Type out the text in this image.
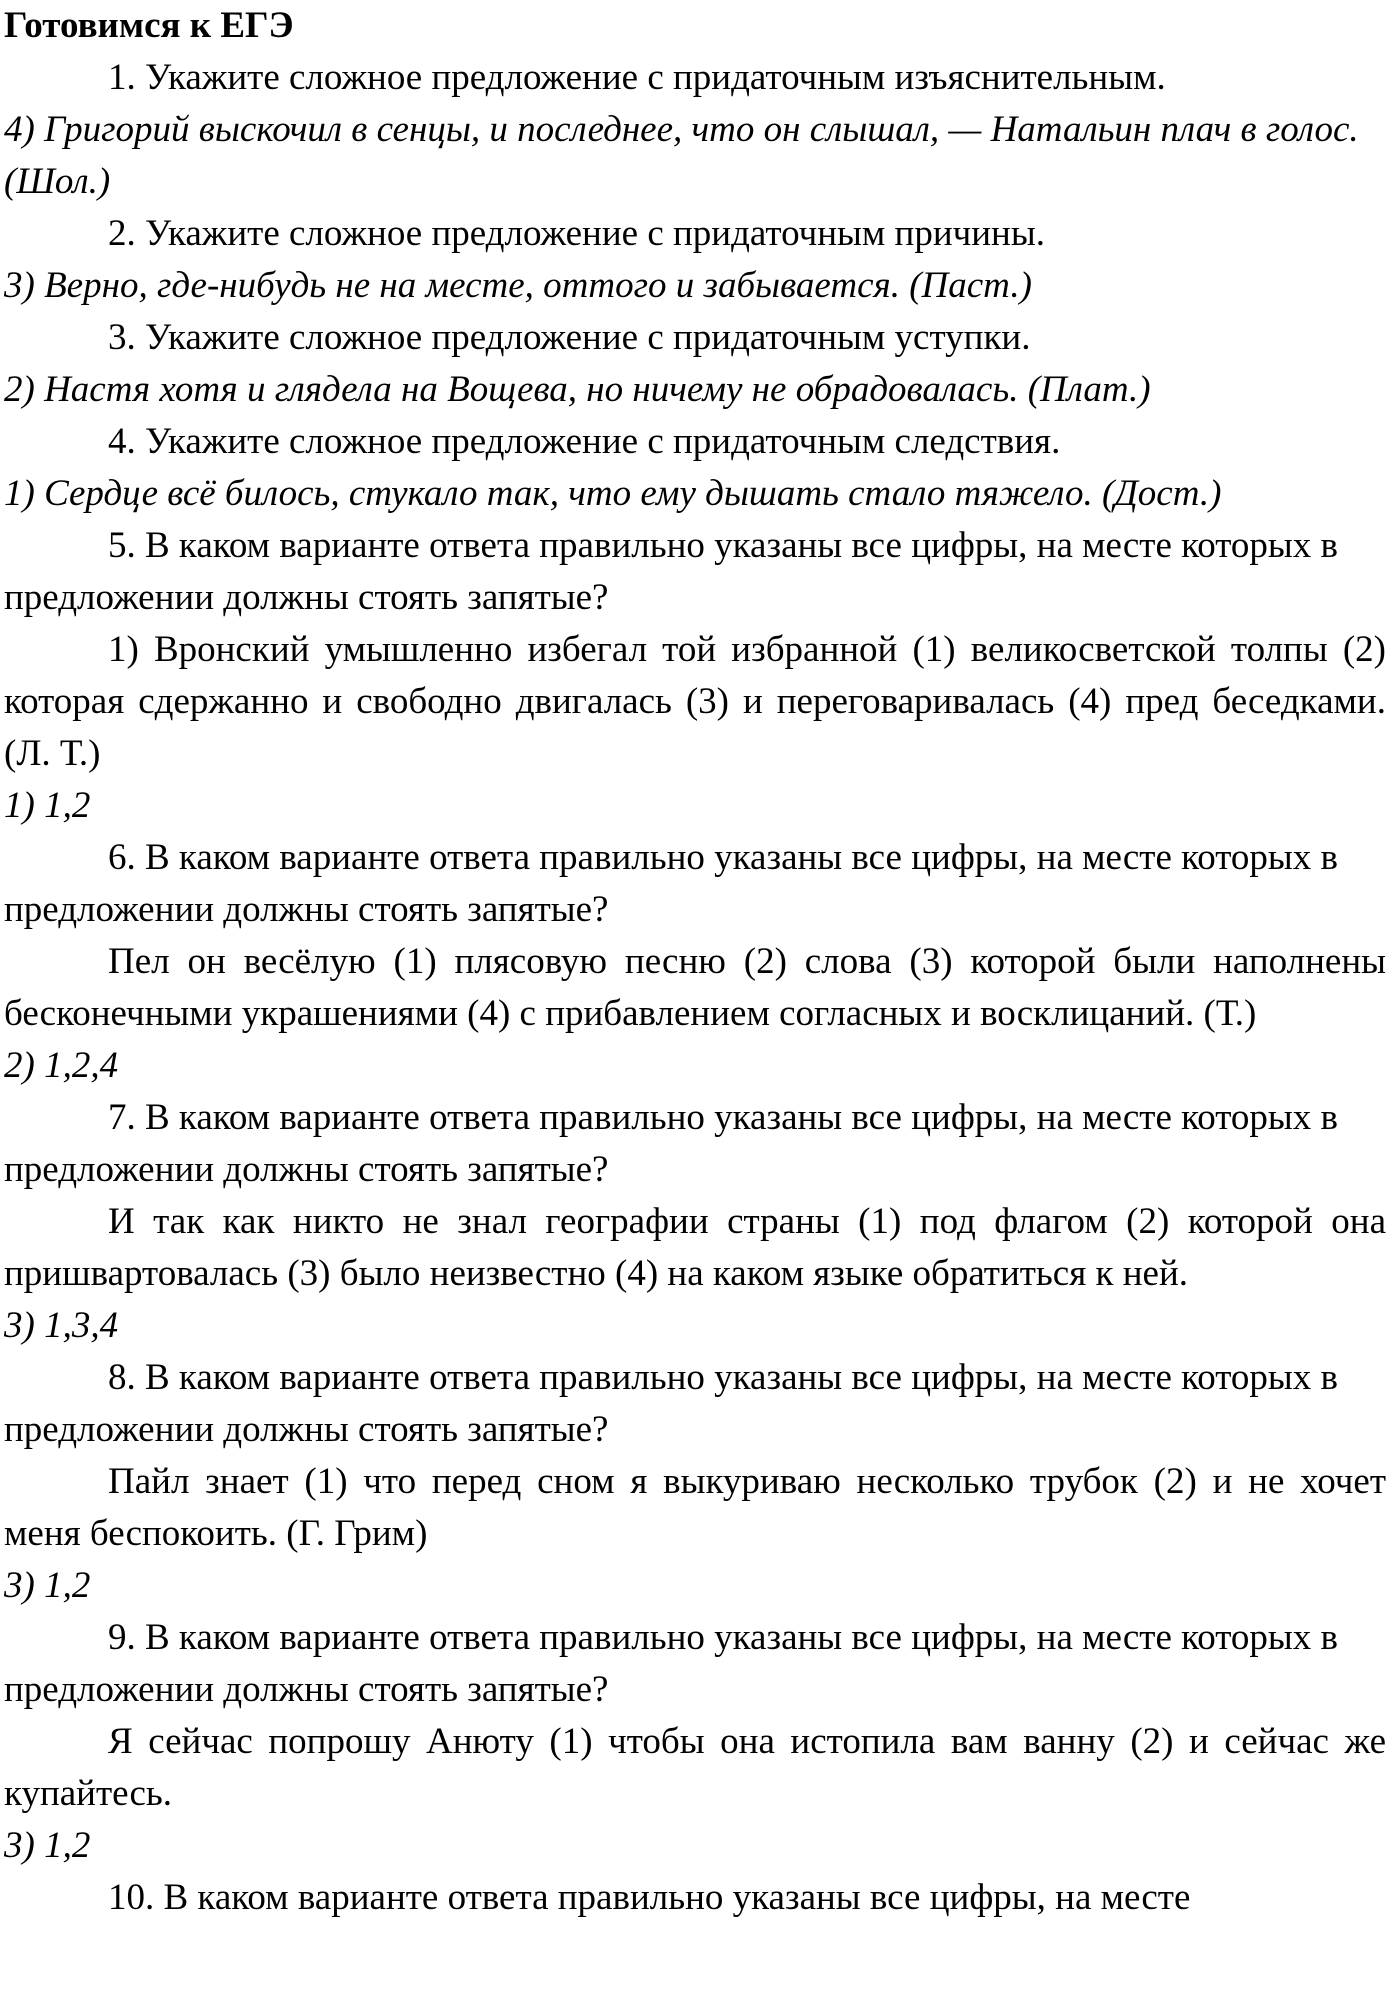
Готовимся к ЕГЭ

1. Укажите сложное предложение с придаточным изъяснительным.

4) Григорий выскочил в сенцы, и последнее, что он слышал, — Натальин плач в голос. (Шол.)

2. Укажите сложное предложение с придаточным причины.

3) Верно, где-нибудь не на месте, оттого и забывается. (Паст.)

3. Укажите сложное предложение с придаточным уступки.

2) Настя хотя и глядела на Вощева, но ничему не обрадовалась. (Плат.)

4. Укажите сложное предложение с придаточным следствия.

1) Сердце всё билось, стукало так, что ему дышать стало тяжело. (Дост.)

5. В каком варианте ответа правильно указаны все цифры, на месте которых в предложении должны стоять запятые?

1) Вронский умышленно избегал той избранной (1) великосветской толпы (2) которая сдержанно и свободно двигалась (3) и переговаривалась (4) пред беседками. (Л. Т.)

1) 1,2

6. В каком варианте ответа правильно указаны все цифры, на месте которых в предложении должны стоять запятые?

Пел он весёлую (1) плясовую песню (2) слова (3) которой были наполнены бесконечными украшениями (4) с прибавлением согласных и восклицаний. (Т.)

2) 1,2,4

7. В каком варианте ответа правильно указаны все цифры, на месте которых в предложении должны стоять запятые?

И так как никто не знал географии страны (1) под флагом (2) которой она пришвартовалась (3) было неизвестно (4) на каком языке обратиться к ней.

3) 1,3,4

8. В каком варианте ответа правильно указаны все цифры, на месте которых в предложении должны стоять запятые?

Пайл знает (1) что перед сном я выкуриваю несколько трубок (2) и не хочет меня беспокоить. (Г. Грим)

3) 1,2

9. В каком варианте ответа правильно указаны все цифры, на месте которых в предложении должны стоять запятые?

Я сейчас попрошу Анюту (1) чтобы она истопила вам ванну (2) и сейчас же купайтесь.

3) 1,2

10. В каком варианте ответа правильно указаны все цифры, на месте
